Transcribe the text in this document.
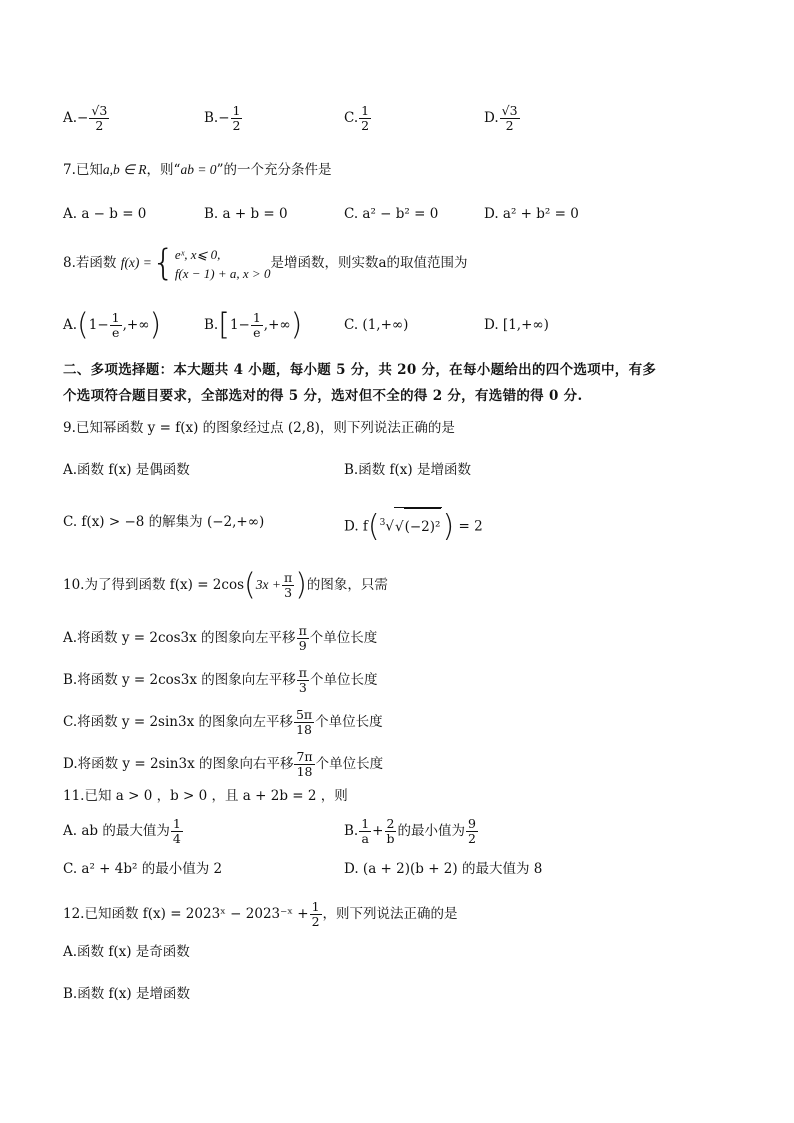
$A.- \frac{√3}{2}$	$B.- \frac{1}{2}$	C. $\frac{1}{2}$	D. $\frac{√3}{2}$
7.已知a,b ∈ R，则“ab = 0”的一个充分条件是
A. a − b = 0	B. a + b = 0	C. a² − b² = 0	D. a² + b² = 0
8.若函数 f(x) ={ eˣ, x⩽ 0,
f(x − 1) + a, x > 0
是增函数，则实数a的取值范围为
$A.(1- \frac{1}{e}$ ,+∞)	$B.[1- \frac{1}{e}$ ,+∞)	C. (1,+∞)	D. [1,+∞)
二、多项选择题：本大题共 4 小题，每小题 5 分，共 20 分，在每小题给出的四个选项中，有多
个选项符合题目要求，全部选对的得 5 分，选对但不全的得 2 分，有选错的得 0 分.
9.已知幂函数 y = f(x) 的图象经过点 (2,8)，则下列说法正确的是
A.函数 f(x) 是偶函数	B.函数 f(x) 是增函数
C. f(x) > −8 的解集为 (−2,+∞)	D. f($^3$√√(−2)²) = 2
10.为了得到函数 $f(x) = 2\cos(3x + \frac{\pi}{3}$ )的图象，只需
A.将函数 y = 2cos3x 的图象向左平移 $\frac{\pi}{9}$ 个单位长度
B.将函数 y = 2cos3x 的图象向左平移 $\frac{\pi}{3}$ 个单位长度
C.将函数 y = 2sin3x 的图象向左平移 $\frac{5\pi}{18}$ 个单位长度
D.将函数 y = 2sin3x 的图象向右平移 $\frac{7\pi}{18}$ 个单位长度
11.已知 a > 0 ，b > 0 ，且 a + 2b = 2 ，则
A. ab 的最大值为 $\frac{1}{4}$	B. $\frac{1}{a} + \frac{2}{b}$ 的最小值为 $\frac{9}{2}$
C. a² + 4b² 的最小值为 2	D. (a + 2)(b + 2) 的最大值为 8
12.已知函数 f(x) = 2023ˣ − 2023⁻ˣ + $\frac{1}{2}$ ，则下列说法正确的是
A.函数 f(x) 是奇函数
B.函数 f(x) 是增函数
